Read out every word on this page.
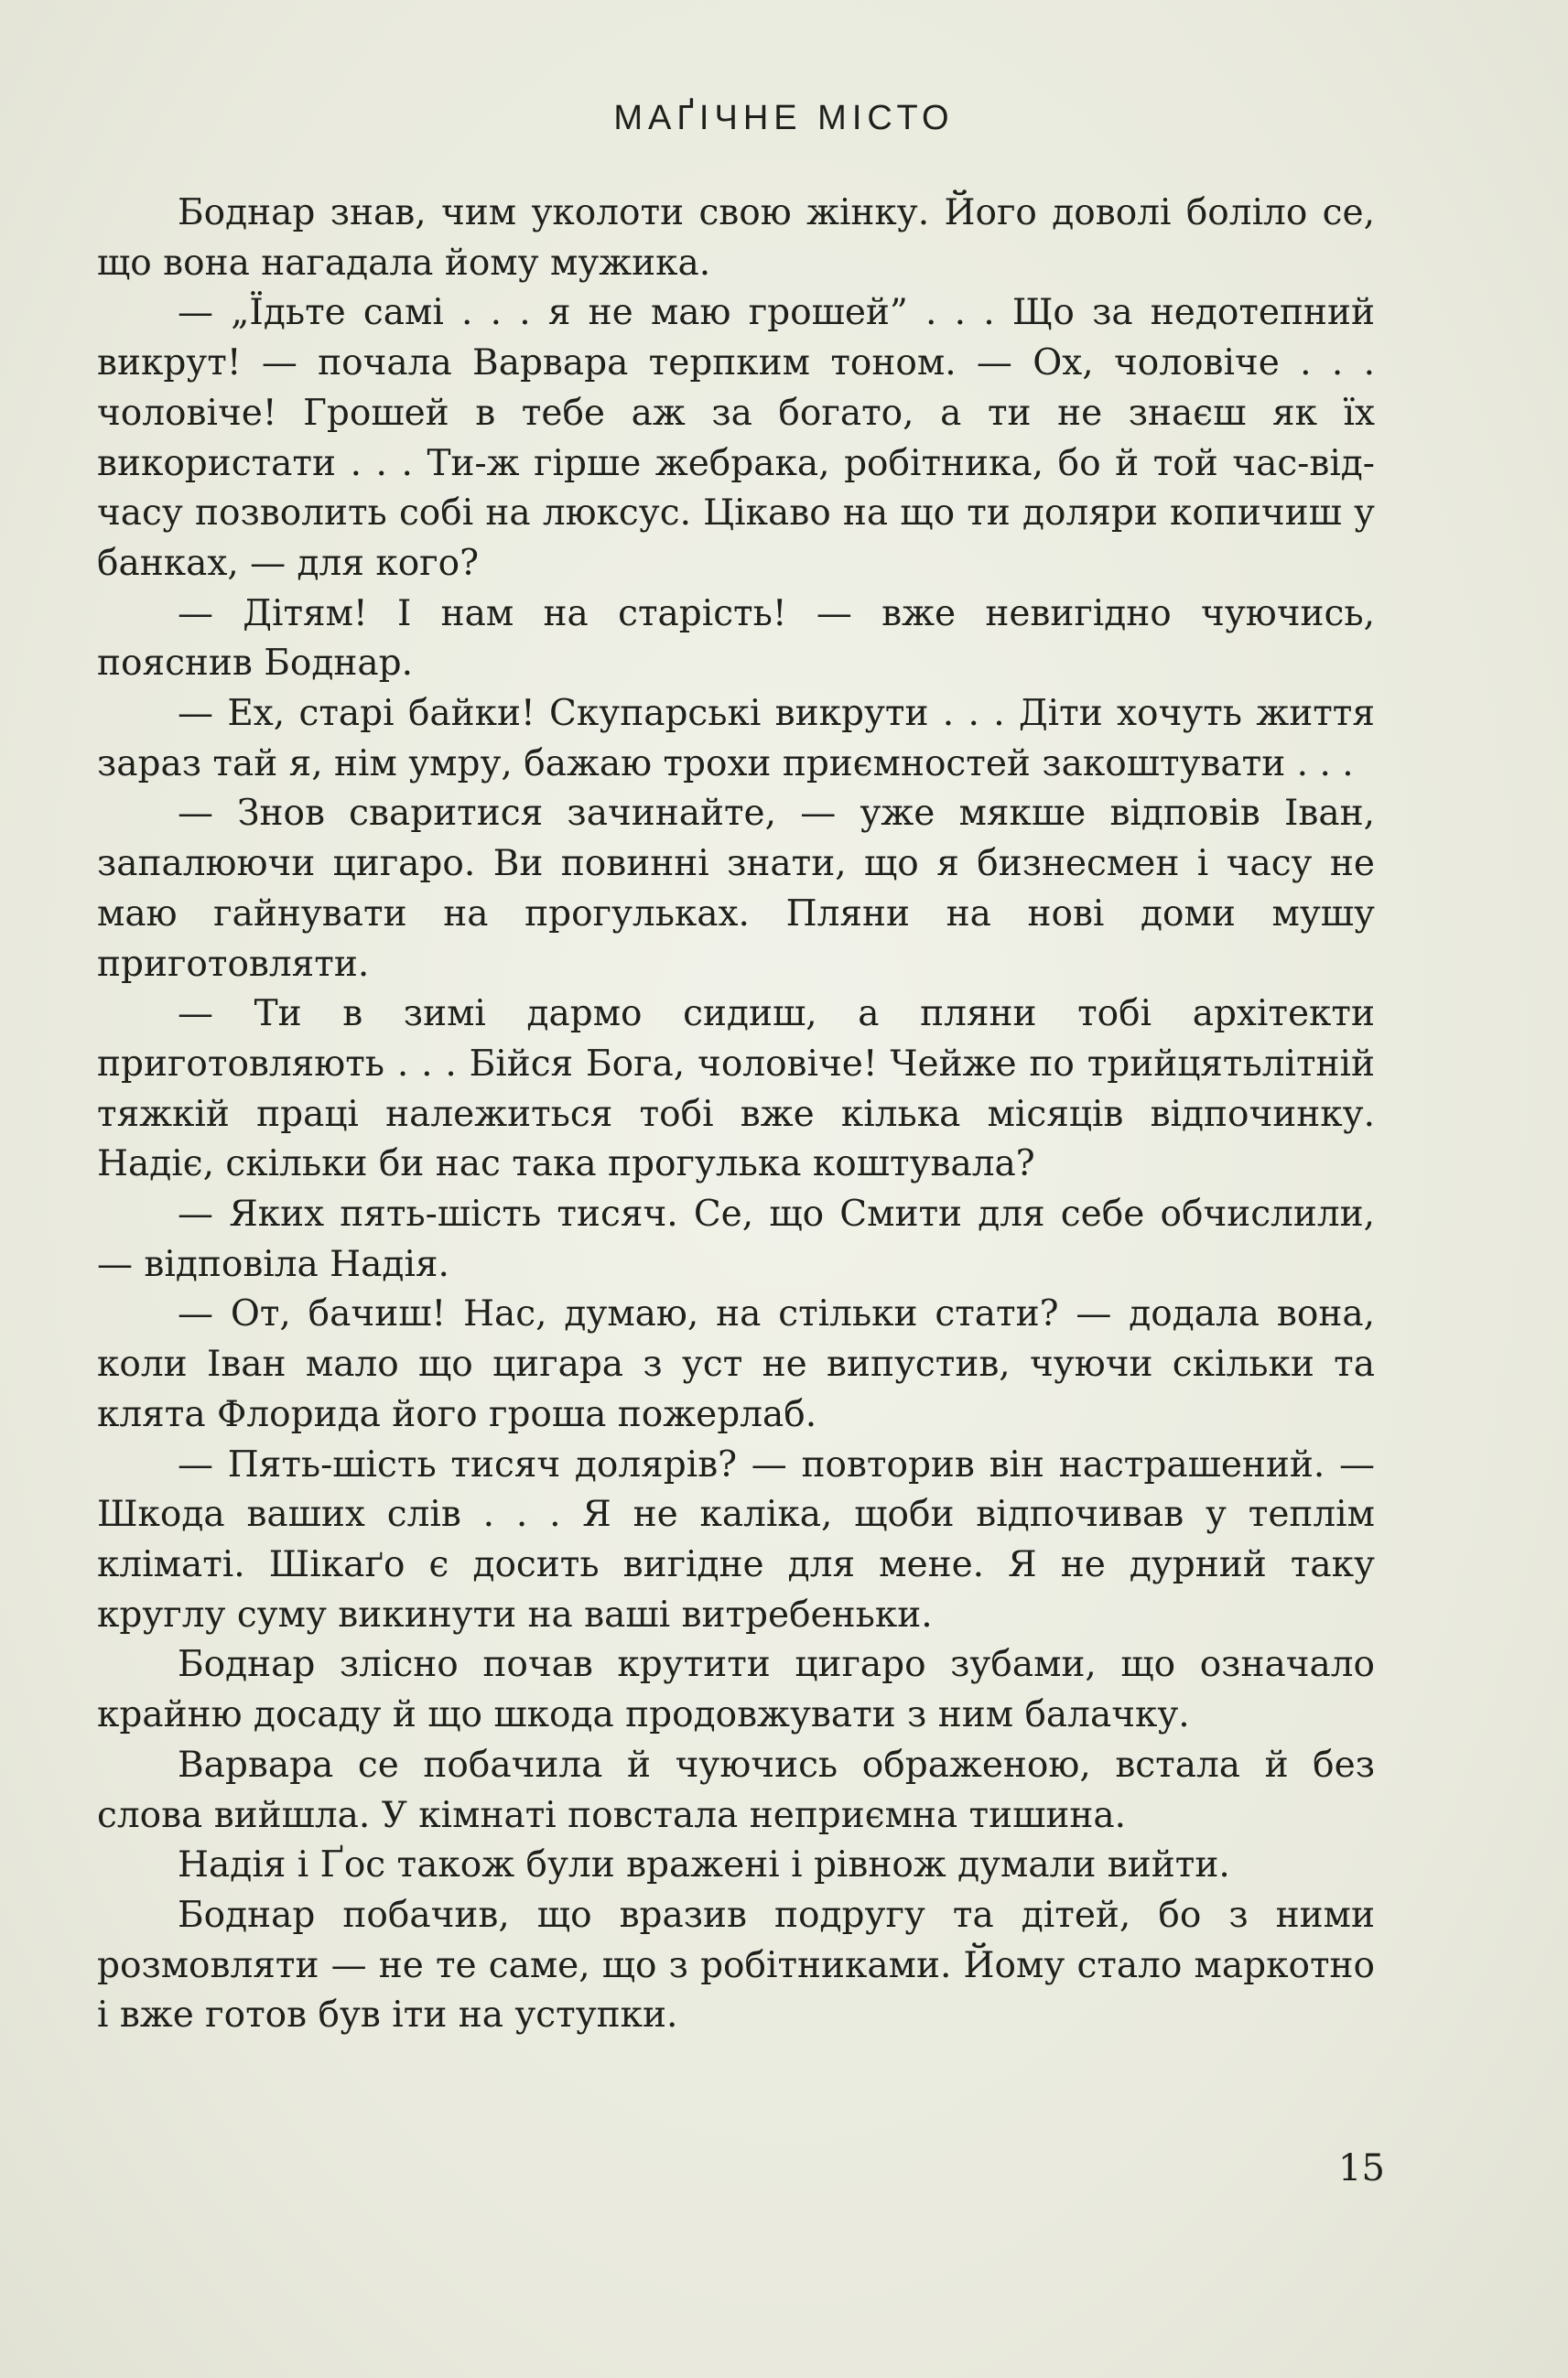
МАҐІЧНЕ МІСТО

Боднар знав, чим уколоти свою жінку. Його доволі боліло се, що вона нагадала йому мужика.

— „Їдьте самі . . . я не маю грошей” . . . Що за недотепний викрут! — почала Варвара терпким тоном. — Ох, чоловіче . . . чоловіче! Грошей в тебе аж за богато, а ти не знаєш як їх використати . . . Ти-ж гірше жебрака, робітника, бо й той час-від-часу позволить собі на люксус. Цікаво на що ти доляри копичиш у банках, — для кого?

— Дітям! І нам на старість! — вже невигідно чуючись, пояснив Боднар.

— Ех, старі байки! Скупарські викрути . . . Діти хочуть життя зараз тай я, нім умру, бажаю трохи приємностей закоштувати . . .

— Знов сваритися зачинайте, — уже мякше відповів Іван, запалюючи цигаро. Ви повинні знати, що я бизнесмен і часу не маю гайнувати на прогульках. Пляни на нові доми мушу приготовляти.

— Ти в зимі дармо сидиш, а пляни тобі архітекти приготовляють . . . Бійся Бога, чоловіче! Чейже по трийцятьлітній тяжкій праці належиться тобі вже кілька місяців відпочинку. Надіє, скільки би нас така прогулька коштувала?

— Яких пять-шість тисяч. Се, що Смити для себе обчислили, — відповіла Надія.

— От, бачиш! Нас, думаю, на стільки стати? — додала вона, коли Іван мало що цигара з уст не випустив, чуючи скільки та клята Флорида його гроша пожерлаб.

— Пять-шість тисяч долярів? — повторив він настрашений. — Шкода ваших слів . . . Я не каліка, щоби відпочивав у теплім кліматі. Шікаґо є досить вигідне для мене. Я не дурний таку круглу суму викинути на ваші витребеньки.

Боднар злісно почав крутити цигаро зубами, що означало крайню досаду й що шкода продовжувати з ним балачку.

Варвара се побачила й чуючись ображеною, встала й без слова вийшла. У кімнаті повстала неприємна тишина.

Надія і Ґос також були вражені і рівнож думали вийти.

Боднар побачив, що вразив подругу та дітей, бо з ними розмовляти — не те саме, що з робітниками. Йому стало маркотно і вже готов був іти на уступки.

15
